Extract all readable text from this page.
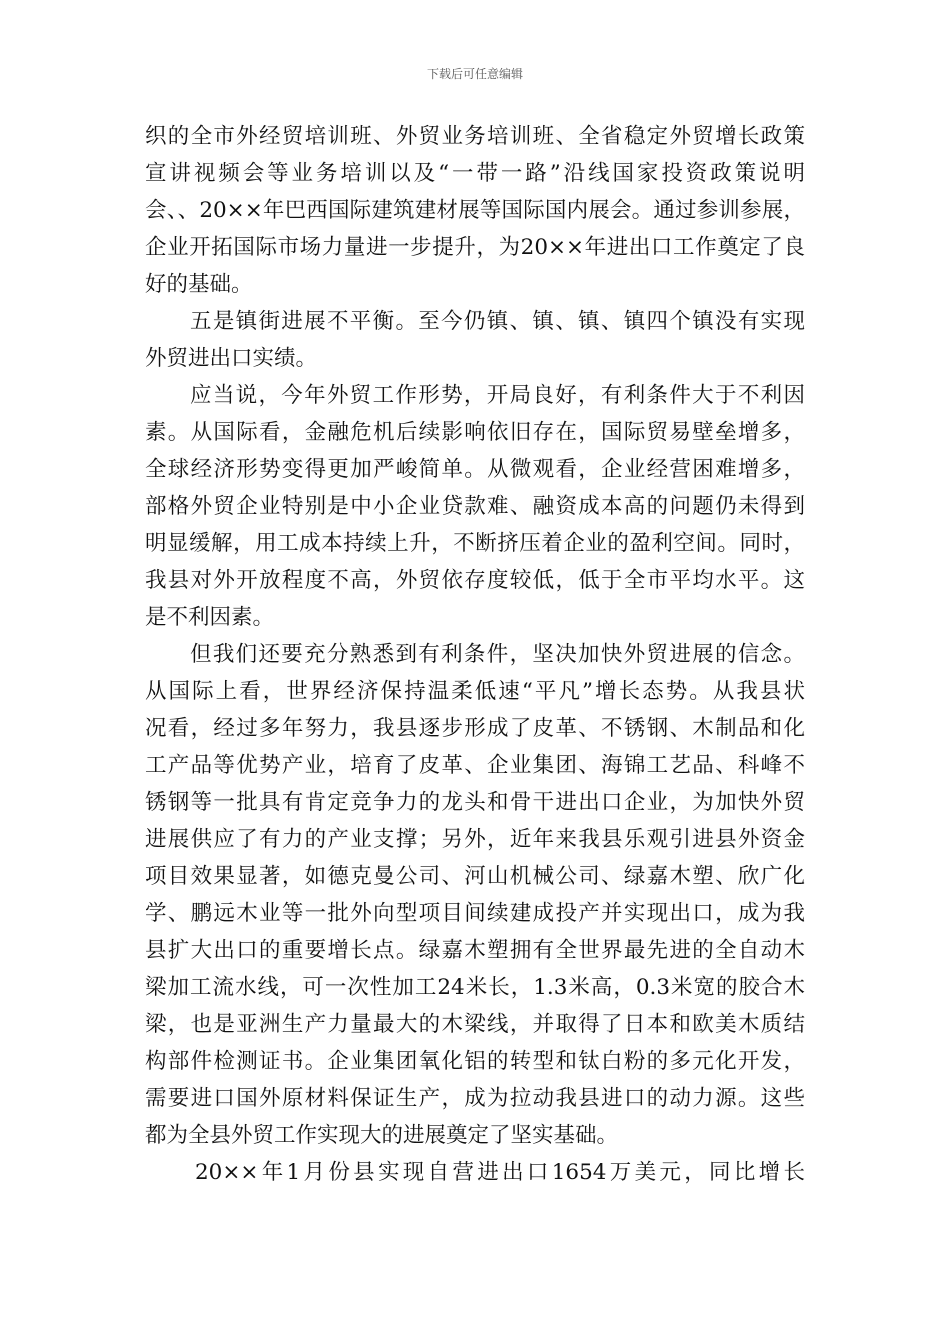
下载后可任意编辑
织的全市外经贸培训班、外贸业务培训班、全省稳定外贸增长政策
宣讲视频会等业务培训以及“一带一路”沿线国家投资政策说明
会、、20××年巴西国际建筑建材展等国际国内展会。通过参训参展，
企业开拓国际市场力量进一步提升，为20××年进出口工作奠定了良
好的基础。
五是镇街进展不平衡。至今仍镇、镇、镇、镇四个镇没有实现
外贸进出口实绩。
应当说，今年外贸工作形势，开局良好，有利条件大于不利因
素。从国际看，金融危机后续影响依旧存在，国际贸易壁垒增多，
全球经济形势变得更加严峻简单。从微观看，企业经营困难增多，
部格外贸企业特别是中小企业贷款难、融资成本高的问题仍未得到
明显缓解，用工成本持续上升，不断挤压着企业的盈利空间。同时，
我县对外开放程度不高，外贸依存度较低，低于全市平均水平。这
是不利因素。
但我们还要充分熟悉到有利条件，坚决加快外贸进展的信念。
从国际上看，世界经济保持温柔低速“平凡”增长态势。从我县状
况看，经过多年努力，我县逐步形成了皮革、不锈钢、木制品和化
工产品等优势产业，培育了皮革、企业集团、海锦工艺品、科峰不
锈钢等一批具有肯定竞争力的龙头和骨干进出口企业，为加快外贸
进展供应了有力的产业支撑；另外，近年来我县乐观引进县外资金
项目效果显著，如德克曼公司、河山机械公司、绿嘉木塑、欣广化
学、鹏远木业等一批外向型项目间续建成投产并实现出口，成为我
县扩大出口的重要增长点。绿嘉木塑拥有全世界最先进的全自动木
梁加工流水线，可一次性加工24米长，1.3米高，0.3米宽的胶合木
梁，也是亚洲生产力量最大的木梁线，并取得了日本和欧美木质结
构部件检测证书。企业集团氧化铝的转型和钛白粉的多元化开发，
需要进口国外原材料保证生产，成为拉动我县进口的动力源。这些
都为全县外贸工作实现大的进展奠定了坚实基础。
20××年1月份县实现自营进出口1654万美元，同比增长
